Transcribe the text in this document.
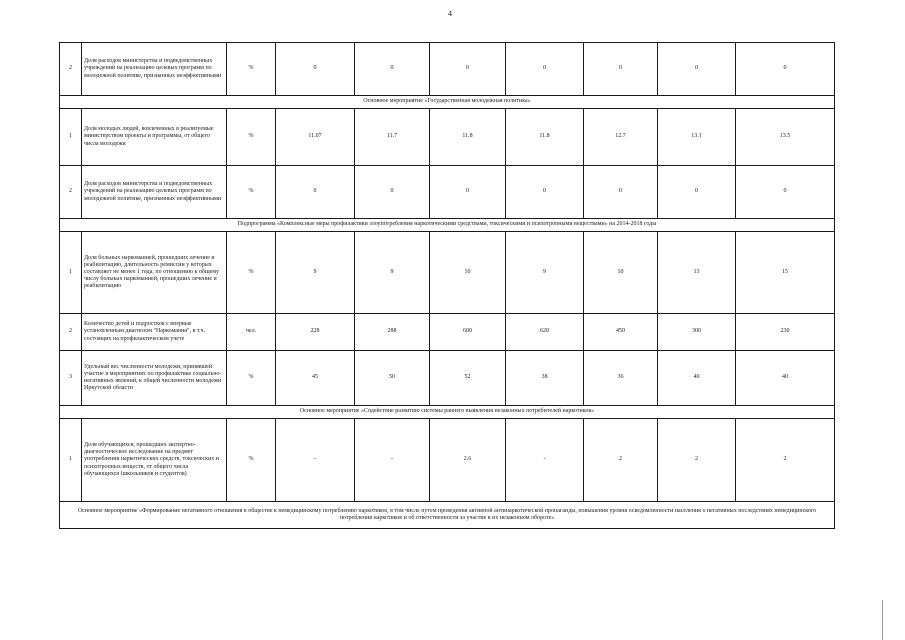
4
2	Доля расходов министерства и подведомственных учреждений на реализацию целевых программ по молодежной политике, признанных неэффективными	%	0	0	0	0	0	0	0
Основное мероприятие «Государственная молодежная политика»									
1	Доля молодых людей, вовлеченных в реализуемые министерством проекты и программы, от общего числа молодежи	%	11.07	11.7	11.8	11.8	12.7	13.1	13.5
2	Доля расходов министерства и подведомственных учреждений на реализацию целевых программ по молодежной политике, признанных неэффективными	%	0	0	0	0	0	0	0
Подпрограмма «Комплексные меры профилактики злоупотребления наркотическими средствами, токсическими и психотропными веществами» на 2014-2018 годы									
1	Доля больных наркоманией, прошедших лечение и реабилитацию, длительность ремиссии у которых составляет не менее 1 года, по отношению к общему числу больных наркоманией, прошедших лечение и реабилитацию	%	9	9	10	9	10	13	15
2	Количество детей и подростков с впервые установленным диагнозом "Наркомания", в т.ч. состоящих на профилактическом учете	чел.	228	288	600	620	450	300	230
3	Удельный вес численности молодежи, принявшей участие в мероприятиях по профилактике социально-негативных явлений, к общей численности молодежи Иркутской области	%	45	50	52	38	36	40	40
Основное мероприятие «Содействие развитию системы раннего выявления незаконных потребителей наркотиков»									
1	Доля обучающихся, прошедших экспертно-диагностическое исследование на предмет употребления наркотических средств, токсических и психотропных веществ, от общего числа обучающихся (школьников и студентов)	%	-	-	2.6	-	2	2	2
Основное мероприятие «Формирование негативного отношения в обществе к немедицинскому потреблению наркотиков, в том числе путем проведения активной антинаркотической пропаганды, повышения уровня осведомленности населения о негативных последствиях немедицинского потребления наркотиков и об ответственности за участие в их незаконном обороте»									
